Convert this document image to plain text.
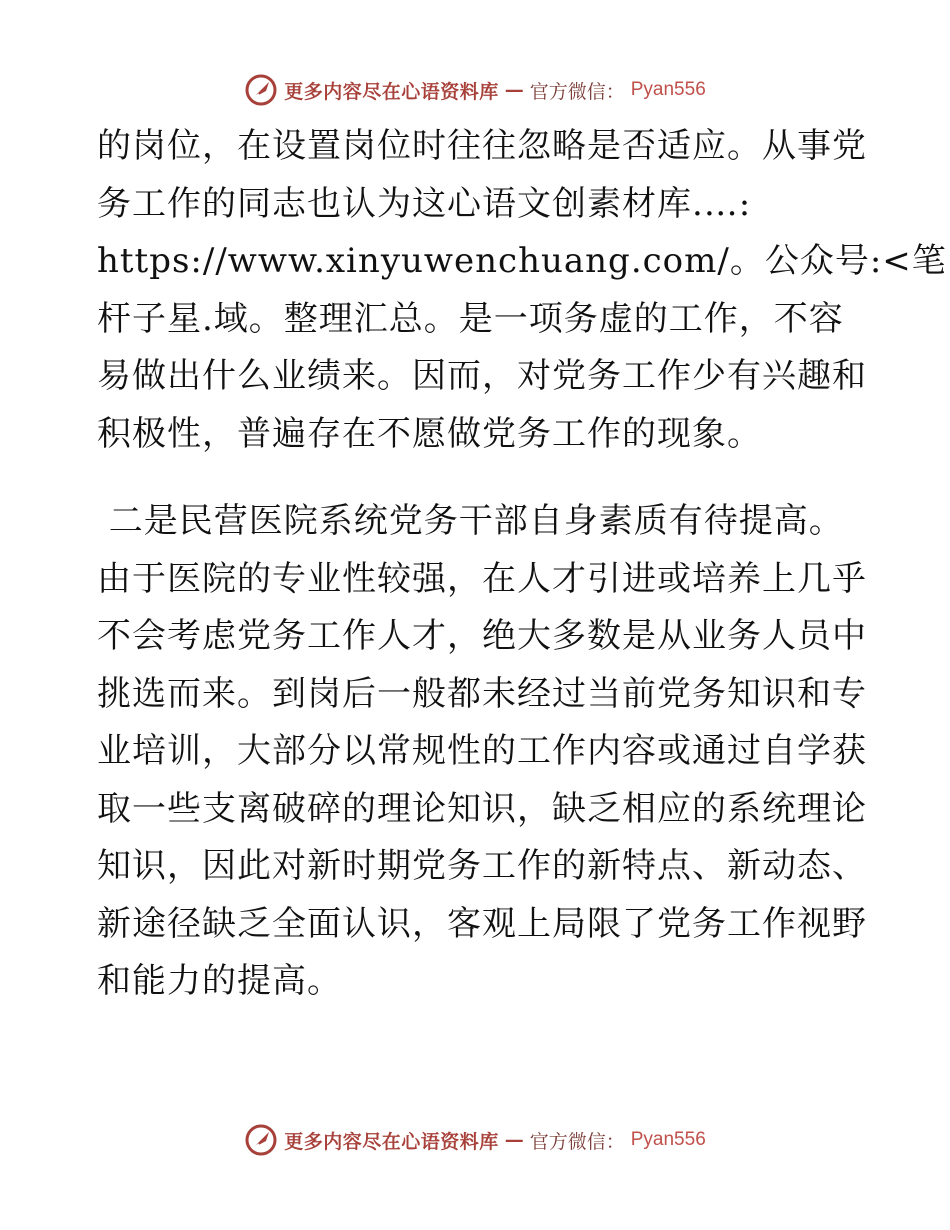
更多内容尽在心语资料库 — 官方微信： Pyan556
的岗位，在设置岗位时往往忽略是否适应。从事党
务工作的同志也认为这心语文创素材库.…:
https://www.xinyuwenchuang.com/。公众号:<笔
杆子星.域。整理汇总。是一项务虚的工作，不容
易做出什么业绩来。因而，对党务工作少有兴趣和
积极性，普遍存在不愿做党务工作的现象。
二是民营医院系统党务干部自身素质有待提高。
由于医院的专业性较强，在人才引进或培养上几乎
不会考虑党务工作人才，绝大多数是从业务人员中
挑选而来。到岗后一般都未经过当前党务知识和专
业培训，大部分以常规性的工作内容或通过自学获
取一些支离破碎的理论知识，缺乏相应的系统理论
知识，因此对新时期党务工作的新特点、新动态、
新途径缺乏全面认识，客观上局限了党务工作视野
和能力的提高。
更多内容尽在心语资料库 — 官方微信： Pyan556
